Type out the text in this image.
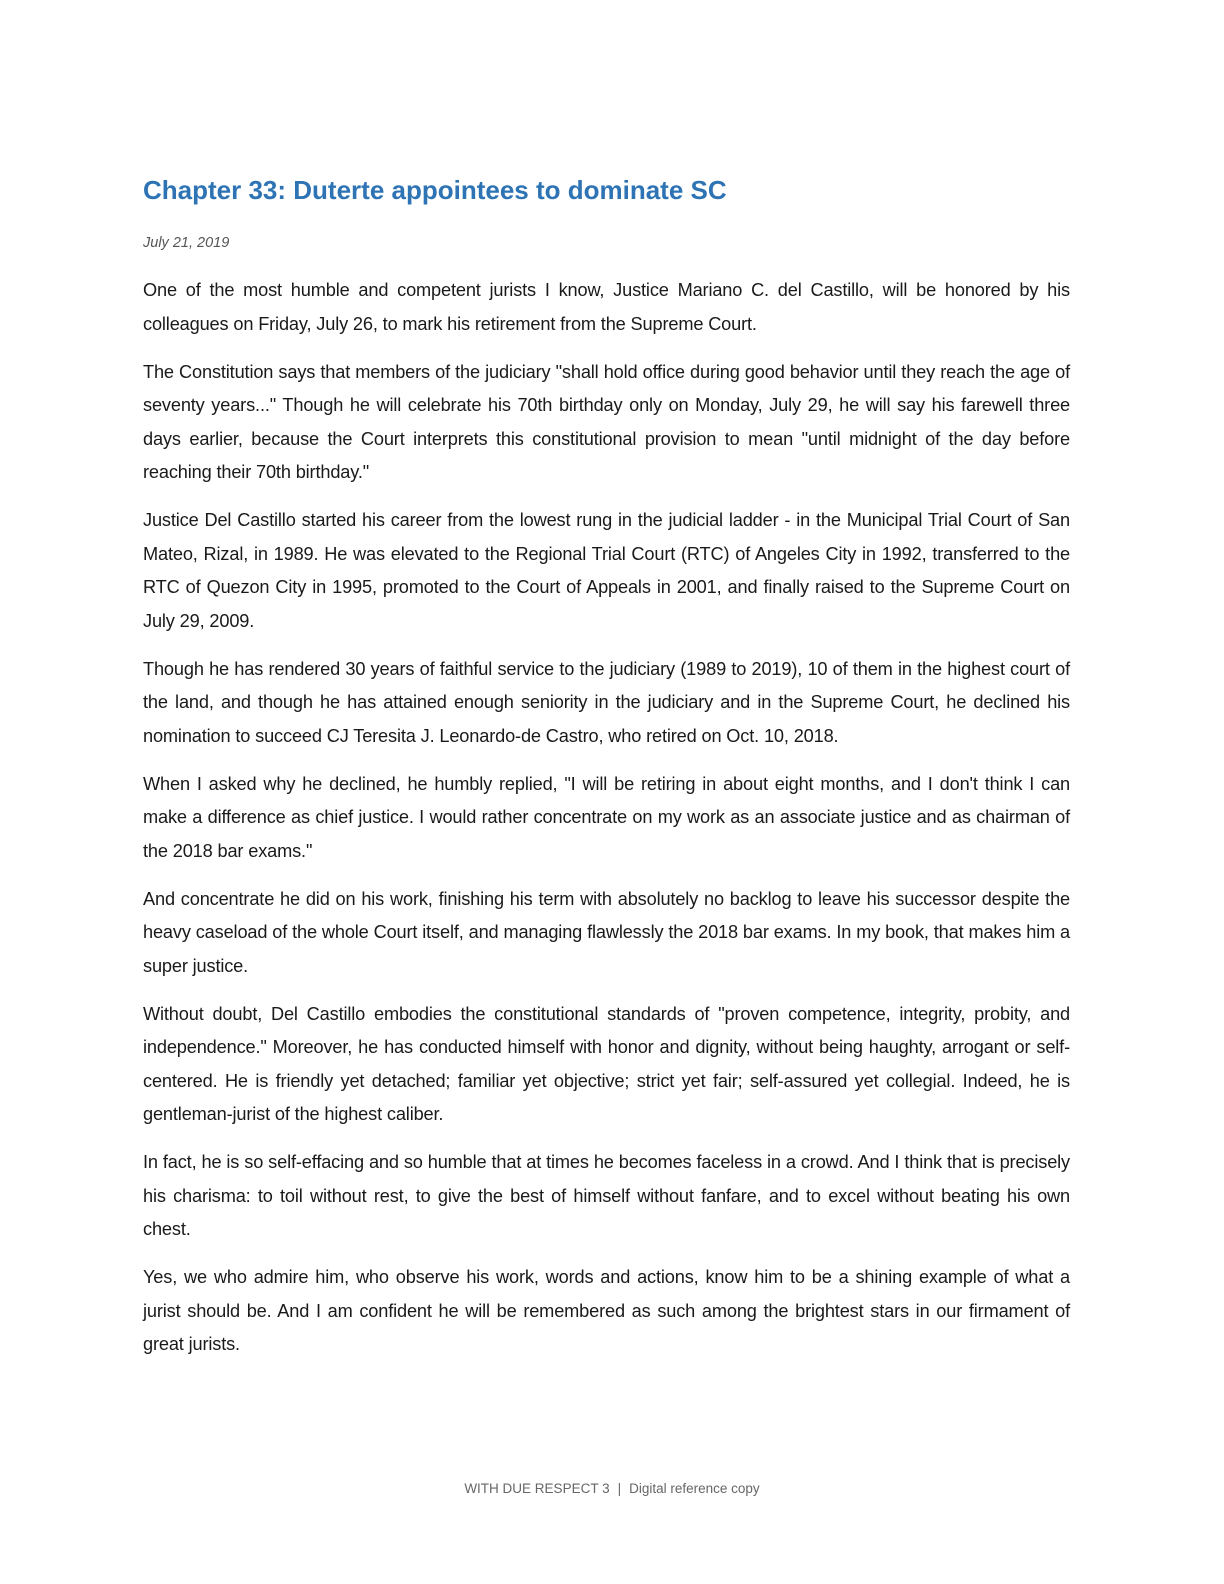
Chapter 33: Duterte appointees to dominate SC
July 21, 2019

One of the most humble and competent jurists I know, Justice Mariano C. del Castillo, will be honored by his colleagues on Friday, July 26, to mark his retirement from the Supreme Court.

The Constitution says that members of the judiciary "shall hold office during good behavior until they reach the age of seventy years..." Though he will celebrate his 70th birthday only on Monday, July 29, he will say his farewell three days earlier, because the Court interprets this constitutional provision to mean "until midnight of the day before reaching their 70th birthday."

Justice Del Castillo started his career from the lowest rung in the judicial ladder - in the Municipal Trial Court of San Mateo, Rizal, in 1989. He was elevated to the Regional Trial Court (RTC) of Angeles City in 1992, transferred to the RTC of Quezon City in 1995, promoted to the Court of Appeals in 2001, and finally raised to the Supreme Court on July 29, 2009.

Though he has rendered 30 years of faithful service to the judiciary (1989 to 2019), 10 of them in the highest court of the land, and though he has attained enough seniority in the judiciary and in the Supreme Court, he declined his nomination to succeed CJ Teresita J. Leonardo-de Castro, who retired on Oct. 10, 2018.

When I asked why he declined, he humbly replied, "I will be retiring in about eight months, and I don't think I can make a difference as chief justice. I would rather concentrate on my work as an associate justice and as chairman of the 2018 bar exams."

And concentrate he did on his work, finishing his term with absolutely no backlog to leave his successor despite the heavy caseload of the whole Court itself, and managing flawlessly the 2018 bar exams. In my book, that makes him a super justice.

Without doubt, Del Castillo embodies the constitutional standards of "proven competence, integrity, probity, and independence." Moreover, he has conducted himself with honor and dignity, without being haughty, arrogant or self-centered. He is friendly yet detached; familiar yet objective; strict yet fair; self-assured yet collegial. Indeed, he is gentleman-jurist of the highest caliber.

In fact, he is so self-effacing and so humble that at times he becomes faceless in a crowd. And I think that is precisely his charisma: to toil without rest, to give the best of himself without fanfare, and to excel without beating his own chest.

Yes, we who admire him, who observe his work, words and actions, know him to be a shining example of what a jurist should be. And I am confident he will be remembered as such among the brightest stars in our firmament of great jurists.

WITH DUE RESPECT 3 | Digital reference copy
